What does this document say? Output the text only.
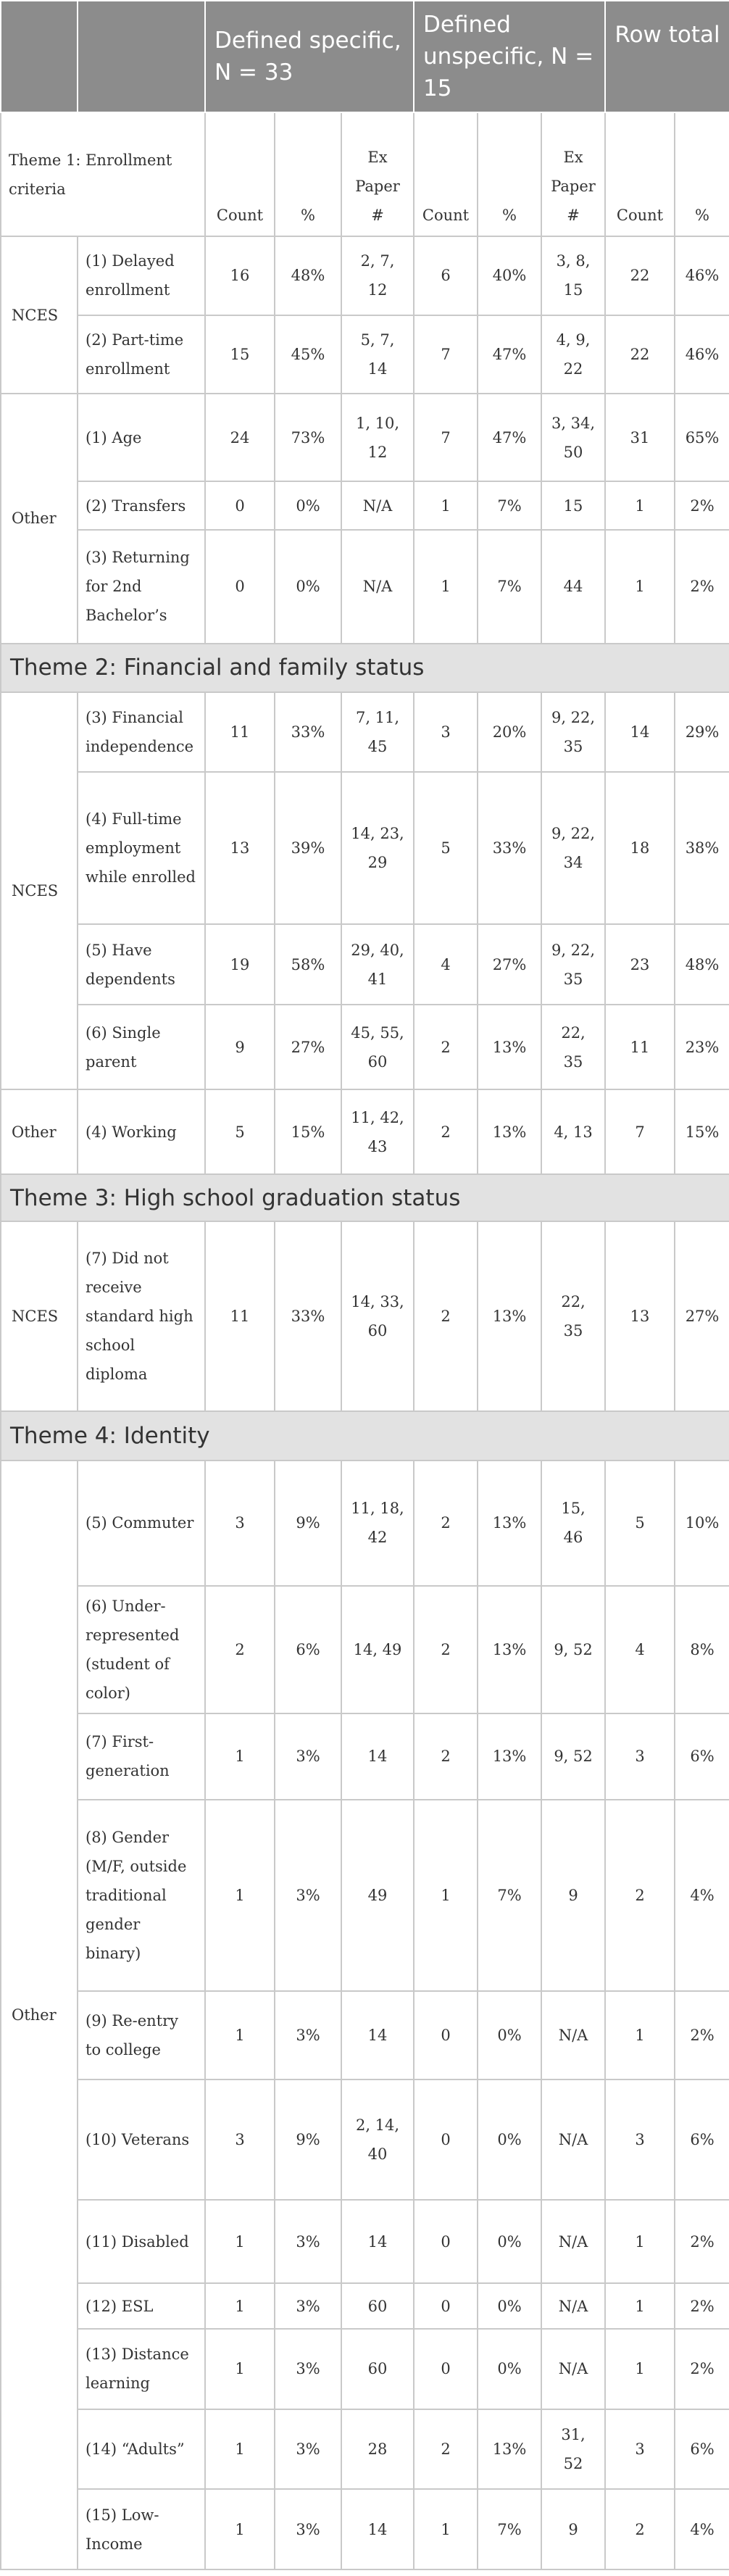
		Defined specific, N = 33			Defined unspecific, N = 15			Row total	
Theme 1: Enrollment criteria		Count	%	Ex Paper #	Count	%	Ex Paper #	Count	%
NCES	(1) Delayed enrollment	16	48%	2, 7, 12	6	40%	3, 8, 15	22	46%
	(2) Part-time enrollment	15	45%	5, 7, 14	7	47%	4, 9, 22	22	46%
Other	(1) Age	24	73%	1, 10, 12	7	47%	3, 34, 50	31	65%
	(2) Transfers	0	0%	N/A	1	7%	15	1	2%
	(3) Returning for 2nd Bachelor’s	0	0%	N/A	1	7%	44	1	2%
Theme 2: Financial and family status									
NCES	(3) Financial independence	11	33%	7, 11, 45	3	20%	9, 22, 35	14	29%
	(4) Full-time employment while enrolled	13	39%	14, 23, 29	5	33%	9, 22, 34	18	38%
	(5) Have dependents	19	58%	29, 40, 41	4	27%	9, 22, 35	23	48%
	(6) Single parent	9	27%	45, 55, 60	2	13%	22, 35	11	23%
Other	(4) Working	5	15%	11, 42, 43	2	13%	4, 13	7	15%
Theme 3: High school graduation status									
NCES	(7) Did not receive standard high school diploma	11	33%	14, 33, 60	2	13%	22, 35	13	27%
Theme 4: Identity									
Other	(5) Commuter	3	9%	11, 18, 42	2	13%	15, 46	5	10%
	(6) Under-represented (student of color)	2	6%	14, 49	2	13%	9, 52	4	8%
	(7) First-generation	1	3%	14	2	13%	9, 52	3	6%
	(8) Gender (M/F, outside traditional gender binary)	1	3%	49	1	7%	9	2	4%
	(9) Re-entry to college	1	3%	14	0	0%	N/A	1	2%
	(10) Veterans	3	9%	2, 14, 40	0	0%	N/A	3	6%
	(11) Disabled	1	3%	14	0	0%	N/A	1	2%
	(12) ESL	1	3%	60	0	0%	N/A	1	2%
	(13) Distance learning	1	3%	60	0	0%	N/A	1	2%
	(14) “Adults”	1	3%	28	2	13%	31, 52	3	6%
	(15) Low-Income	1	3%	14	1	7%	9	2	4%
